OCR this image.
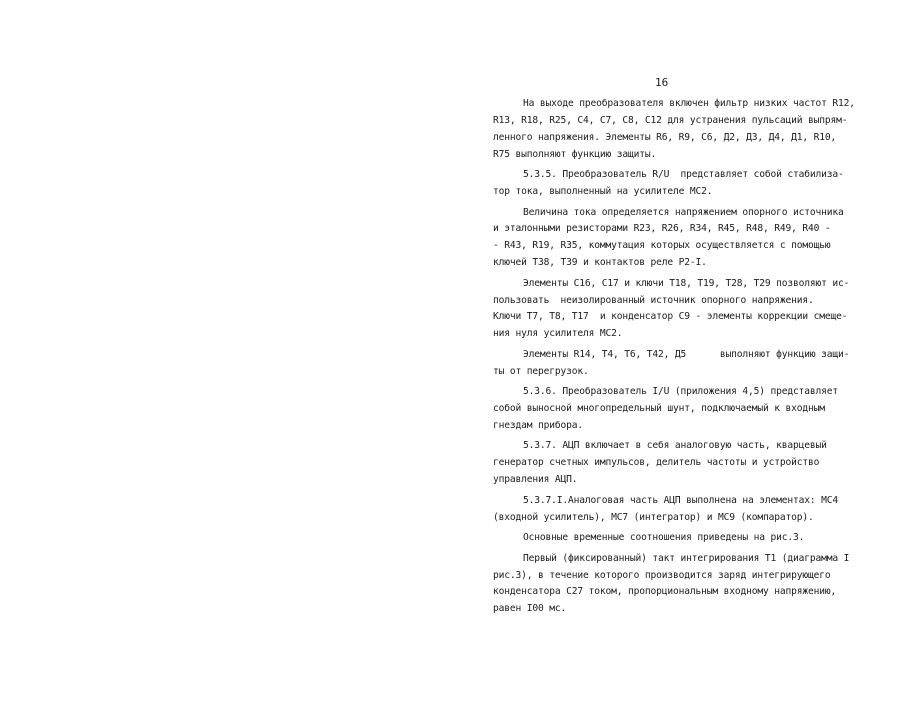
16
На выходе преобразователя включен фильтр низких частот R12,
R13, R18, R25, С4, С7, С8, С12 для устранения пульсаций выпрям-
ленного напряжения. Элементы R6, R9, С6, Д2, Д3, Д4, Д1, R10,
R75 выполняют функцию защиты.
5.3.5. Преобразователь R/U  представляет собой стабилиза-
тор тока, выполненный на усилителе МС2.
Величина тока определяется напряжением опорного источника
и эталонными резисторами R23, R26, R34, R45, R48, R49, R40 -
- R43, R19, R35, коммутация которых осуществляется с помощью
ключей Т38, Т39 и контактов реле Р2-I.
Элементы С16, С17 и ключи Т18, Т19, Т28, Т29 позволяют ис-
пользовать  неизолированный источник опорного напряжения.
Ключи Т7, Т8, Т17  и конденсатор С9 - элементы коррекции смеще-
ния нуля усилителя МС2.
Элементы R14, Т4, Т6, Т42, Д5      выполняют функцию защи-
ты от перегрузок.
5.3.6. Преобразователь I/U (приложения 4,5) представляет
собой выносной многопредельный шунт, подключаемый к входным
гнездам прибора.
5.3.7. АЦП включает в себя аналоговую часть, кварцевый
генератор счетных импульсов, делитель частоты и устройство
управления АЦП.
5.3.7.I.Аналоговая часть АЦП выполнена на элементах: МС4
(входной усилитель), МС7 (интегратор) и МС9 (компаратор).
Основные временные соотношения приведены на рис.3.
Первый (фиксированный) такт интегрирования Т1 (диаграмма I
рис.3), в течение которого производится заряд интегрирующего
конденсатора С27 током, пропорциональным входному напряжению,
равен I00 мс.
